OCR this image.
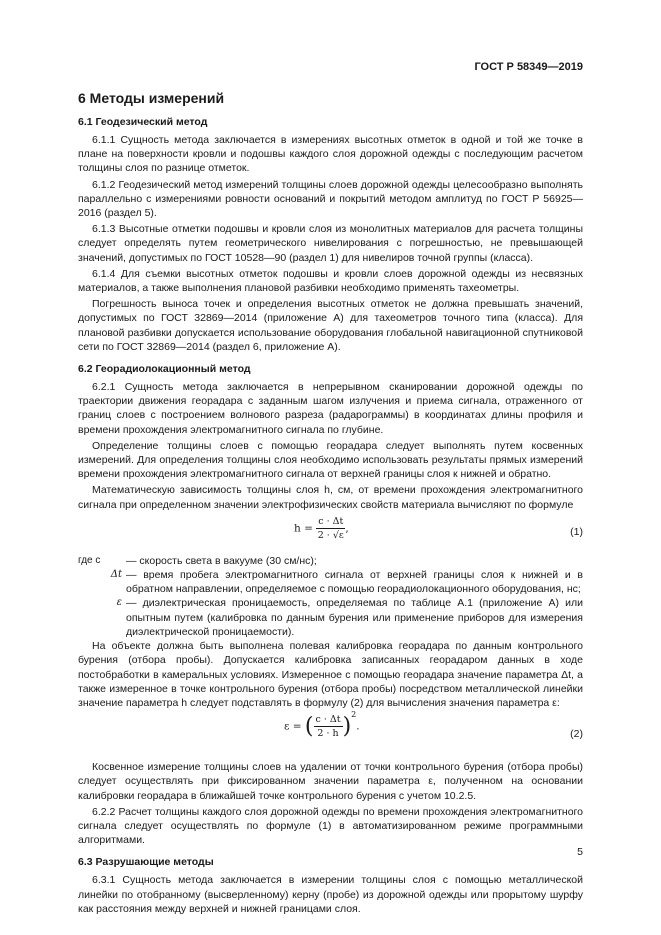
ГОСТ Р 58349—2019
6 Методы измерений
6.1 Геодезический метод

6.1.1 Сущность метода заключается в измерениях высотных отметок в одной и той же точке в плане на поверхности кровли и подошвы каждого слоя дорожной одежды с последующим расчетом толщины слоя по разнице отметок.

6.1.2 Геодезический метод измерений толщины слоев дорожной одежды целесообразно выполнять параллельно с измерениями ровности оснований и покрытий методом амплитуд по ГОСТ Р 56925—2016 (раздел 5).

6.1.3 Высотные отметки подошвы и кровли слоя из монолитных материалов для расчета толщины следует определять путем геометрического нивелирования с погрешностью, не превышающей значений, допустимых по ГОСТ 10528—90 (раздел 1) для нивелиров точной группы (класса).

6.1.4 Для съемки высотных отметок подошвы и кровли слоев дорожной одежды из несвязных материалов, а также выполнения плановой разбивки необходимо применять тахеометры.

Погрешность выноса точек и определения высотных отметок не должна превышать значений, допустимых по ГОСТ 32869—2014 (приложение А) для тахеометров точного типа (класса). Для плановой разбивки допускается использование оборудования глобальной навигационной спутниковой сети по ГОСТ 32869—2014 (раздел 6, приложение А).

6.2 Георадиолокационный метод

6.2.1 Сущность метода заключается в непрерывном сканировании дорожной одежды по траектории движения георадара с заданным шагом излучения и приема сигнала, отраженного от границ слоев с построением волнового разреза (радарограммы) в координатах длины профиля и времени прохождения электромагнитного сигнала по глубине.

Определение толщины слоев с помощью георадара следует выполнять путем косвенных измерений. Для определения толщины слоя необходимо использовать результаты прямых измерений времени прохождения электромагнитного сигнала от верхней границы слоя к нижней и обратно.

Математическую зависимость толщины слоя h, см, от времени прохождения электромагнитного сигнала при определенном значении электрофизических свойств материала вычисляют по формуле

$h = \frac{c \cdot \Delta t}{2 \cdot √\varepsilon}$ ,	(1)
где c	— скорость света в вакууме (30 см/нс);
Δt — время пробега электромагнитного сигнала от верхней границы слоя к нижней и в обратном направлении, определяемое с помощью георадиолокационного оборудования, нс;
ε — диэлектрическая проницаемость, определяемая по таблице А.1 (приложение А) или опытным путем (калибровка по данным бурения или применение приборов для измерения диэлектрической проницаемости).

На объекте должна быть выполнена полевая калибровка георадара по данным контрольного бурения (отбора пробы). Допускается калибровка записанных георадаром данных в ходе постобработки в камеральных условиях. Измеренное с помощью георадара значение параметра Δt, а также измеренное в точке контрольного бурения (отбора пробы) посредством металлической линейки значение параметра h следует подставлять в формулу (2) для вычисления значения параметра ε:

ε = ( $\frac{c \cdot \Delta t}{2 \cdot h} )^2$.
(2)

Косвенное измерение толщины слоев на удалении от точки контрольного бурения (отбора пробы) следует осуществлять при фиксированном значении параметра ε, полученном на основании калибровки георадара в ближайшей точке контрольного бурения с учетом 10.2.5.

6.2.2 Расчет толщины каждого слоя дорожной одежды по времени прохождения электромагнитного сигнала следует осуществлять по формуле (1) в автоматизированном режиме программными алгоритмами.

6.3 Разрушающие методы

6.3.1 Сущность метода заключается в измерении толщины слоя с помощью металлической линейки по отобранному (высверленному) керну (пробе) из дорожной одежды или прорытому шурфу как расстояния между верхней и нижней границами слоя.

5
